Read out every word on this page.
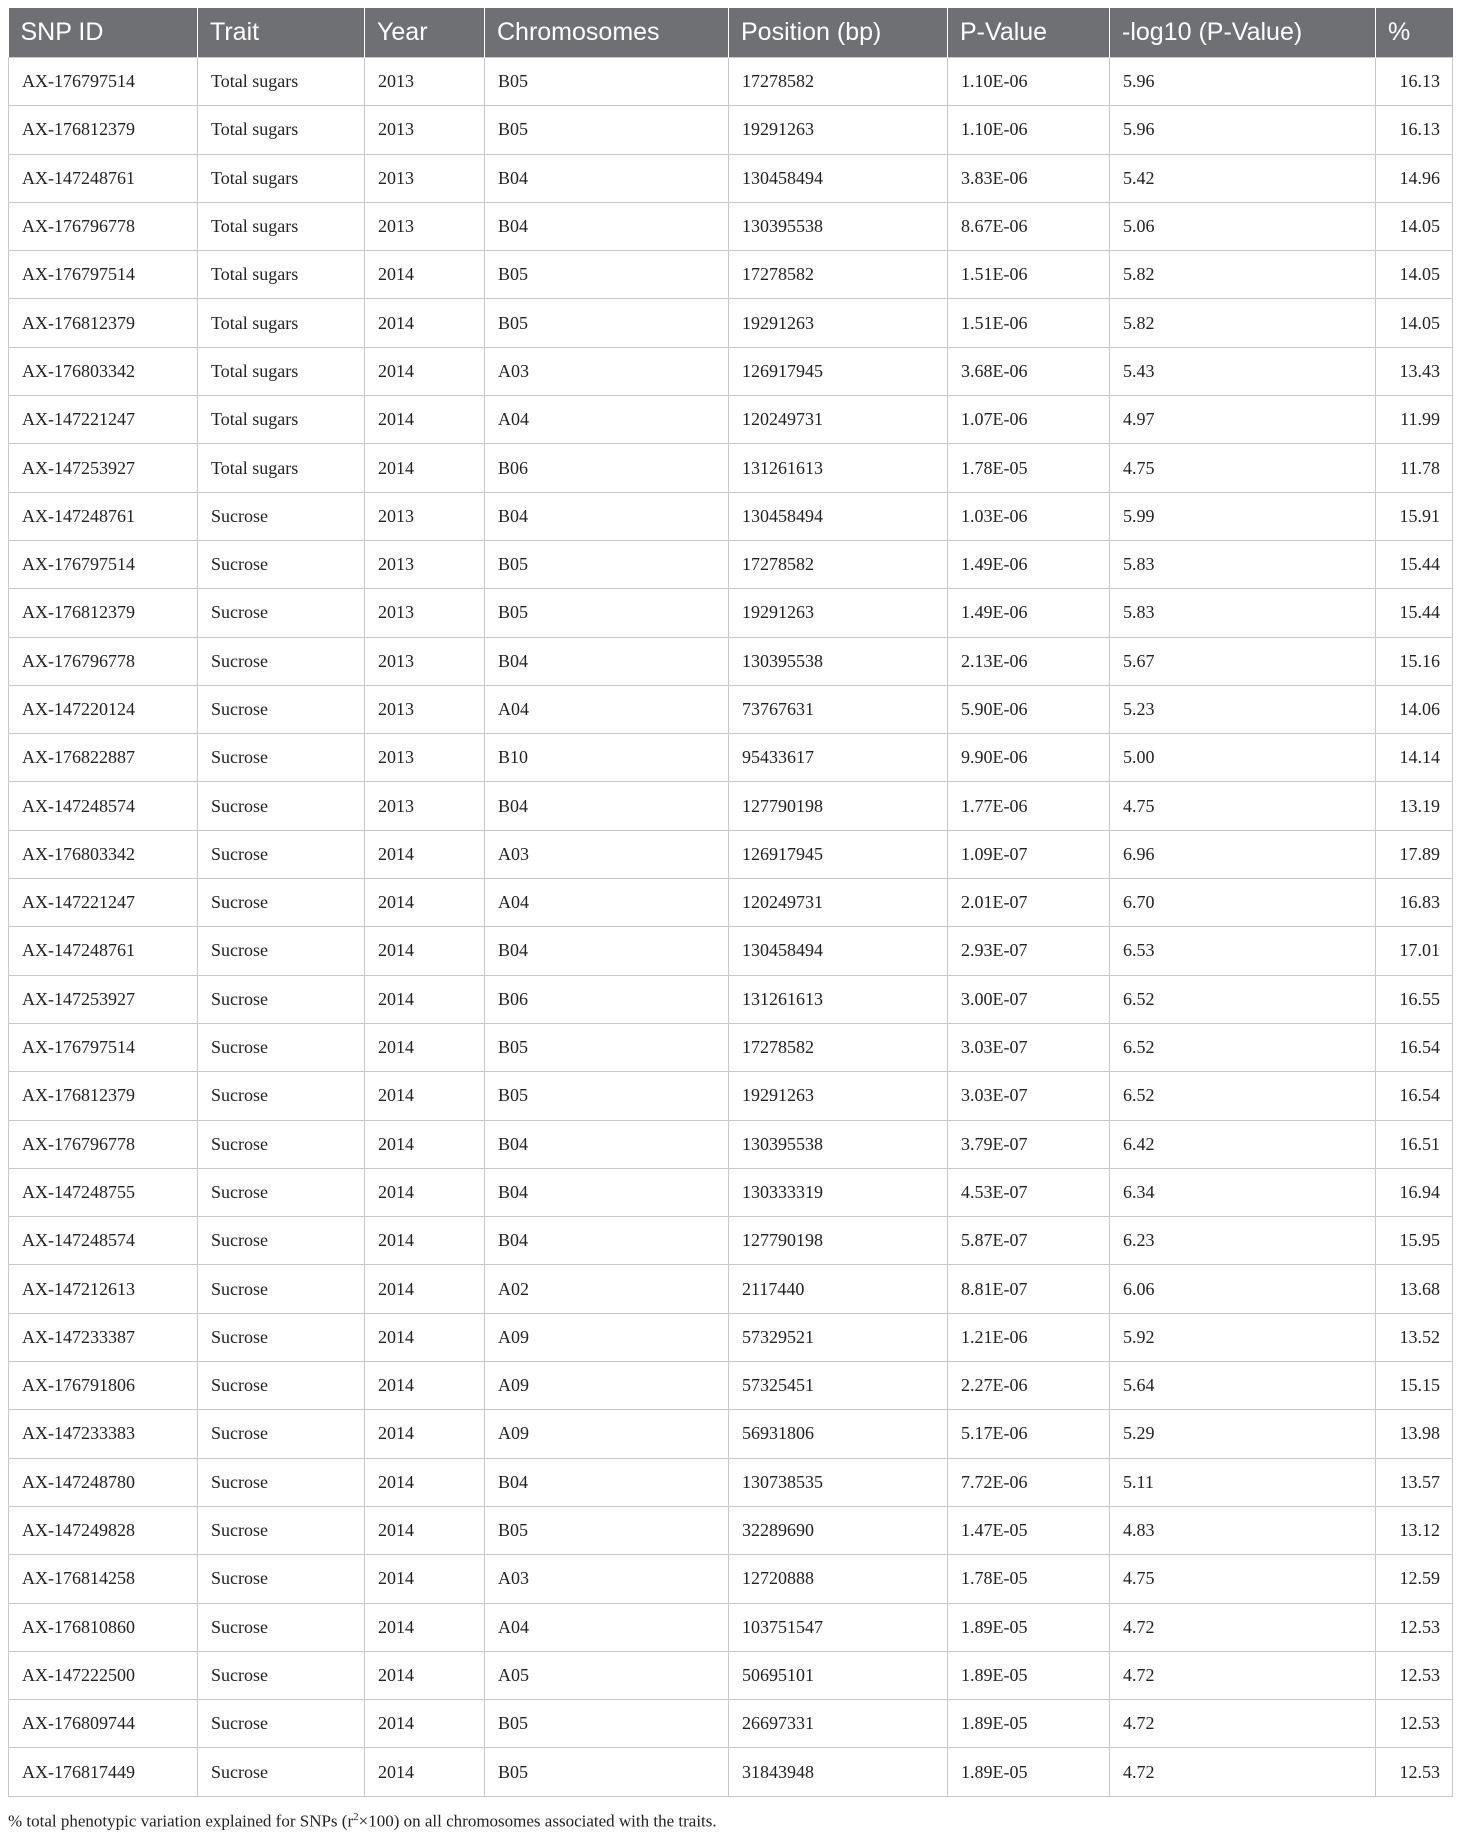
SNP ID	Trait	Year	Chromosomes	Position (bp)	P-Value	-log10 (P-Value)	%
AX-176797514	Total sugars	2013	B05	17278582	1.10E-06	5.96	16.13
AX-176812379	Total sugars	2013	B05	19291263	1.10E-06	5.96	16.13
AX-147248761	Total sugars	2013	B04	130458494	3.83E-06	5.42	14.96
AX-176796778	Total sugars	2013	B04	130395538	8.67E-06	5.06	14.05
AX-176797514	Total sugars	2014	B05	17278582	1.51E-06	5.82	14.05
AX-176812379	Total sugars	2014	B05	19291263	1.51E-06	5.82	14.05
AX-176803342	Total sugars	2014	A03	126917945	3.68E-06	5.43	13.43
AX-147221247	Total sugars	2014	A04	120249731	1.07E-06	4.97	11.99
AX-147253927	Total sugars	2014	B06	131261613	1.78E-05	4.75	11.78
AX-147248761	Sucrose	2013	B04	130458494	1.03E-06	5.99	15.91
AX-176797514	Sucrose	2013	B05	17278582	1.49E-06	5.83	15.44
AX-176812379	Sucrose	2013	B05	19291263	1.49E-06	5.83	15.44
AX-176796778	Sucrose	2013	B04	130395538	2.13E-06	5.67	15.16
AX-147220124	Sucrose	2013	A04	73767631	5.90E-06	5.23	14.06
AX-176822887	Sucrose	2013	B10	95433617	9.90E-06	5.00	14.14
AX-147248574	Sucrose	2013	B04	127790198	1.77E-06	4.75	13.19
AX-176803342	Sucrose	2014	A03	126917945	1.09E-07	6.96	17.89
AX-147221247	Sucrose	2014	A04	120249731	2.01E-07	6.70	16.83
AX-147248761	Sucrose	2014	B04	130458494	2.93E-07	6.53	17.01
AX-147253927	Sucrose	2014	B06	131261613	3.00E-07	6.52	16.55
AX-176797514	Sucrose	2014	B05	17278582	3.03E-07	6.52	16.54
AX-176812379	Sucrose	2014	B05	19291263	3.03E-07	6.52	16.54
AX-176796778	Sucrose	2014	B04	130395538	3.79E-07	6.42	16.51
AX-147248755	Sucrose	2014	B04	130333319	4.53E-07	6.34	16.94
AX-147248574	Sucrose	2014	B04	127790198	5.87E-07	6.23	15.95
AX-147212613	Sucrose	2014	A02	2117440	8.81E-07	6.06	13.68
AX-147233387	Sucrose	2014	A09	57329521	1.21E-06	5.92	13.52
AX-176791806	Sucrose	2014	A09	57325451	2.27E-06	5.64	15.15
AX-147233383	Sucrose	2014	A09	56931806	5.17E-06	5.29	13.98
AX-147248780	Sucrose	2014	B04	130738535	7.72E-06	5.11	13.57
AX-147249828	Sucrose	2014	B05	32289690	1.47E-05	4.83	13.12
AX-176814258	Sucrose	2014	A03	12720888	1.78E-05	4.75	12.59
AX-176810860	Sucrose	2014	A04	103751547	1.89E-05	4.72	12.53
AX-147222500	Sucrose	2014	A05	50695101	1.89E-05	4.72	12.53
AX-176809744	Sucrose	2014	B05	26697331	1.89E-05	4.72	12.53
AX-176817449	Sucrose	2014	B05	31843948	1.89E-05	4.72	12.53
% total phenotypic variation explained for SNPs $(r^2\times 100)$ on all chromosomes associated with the traits.
